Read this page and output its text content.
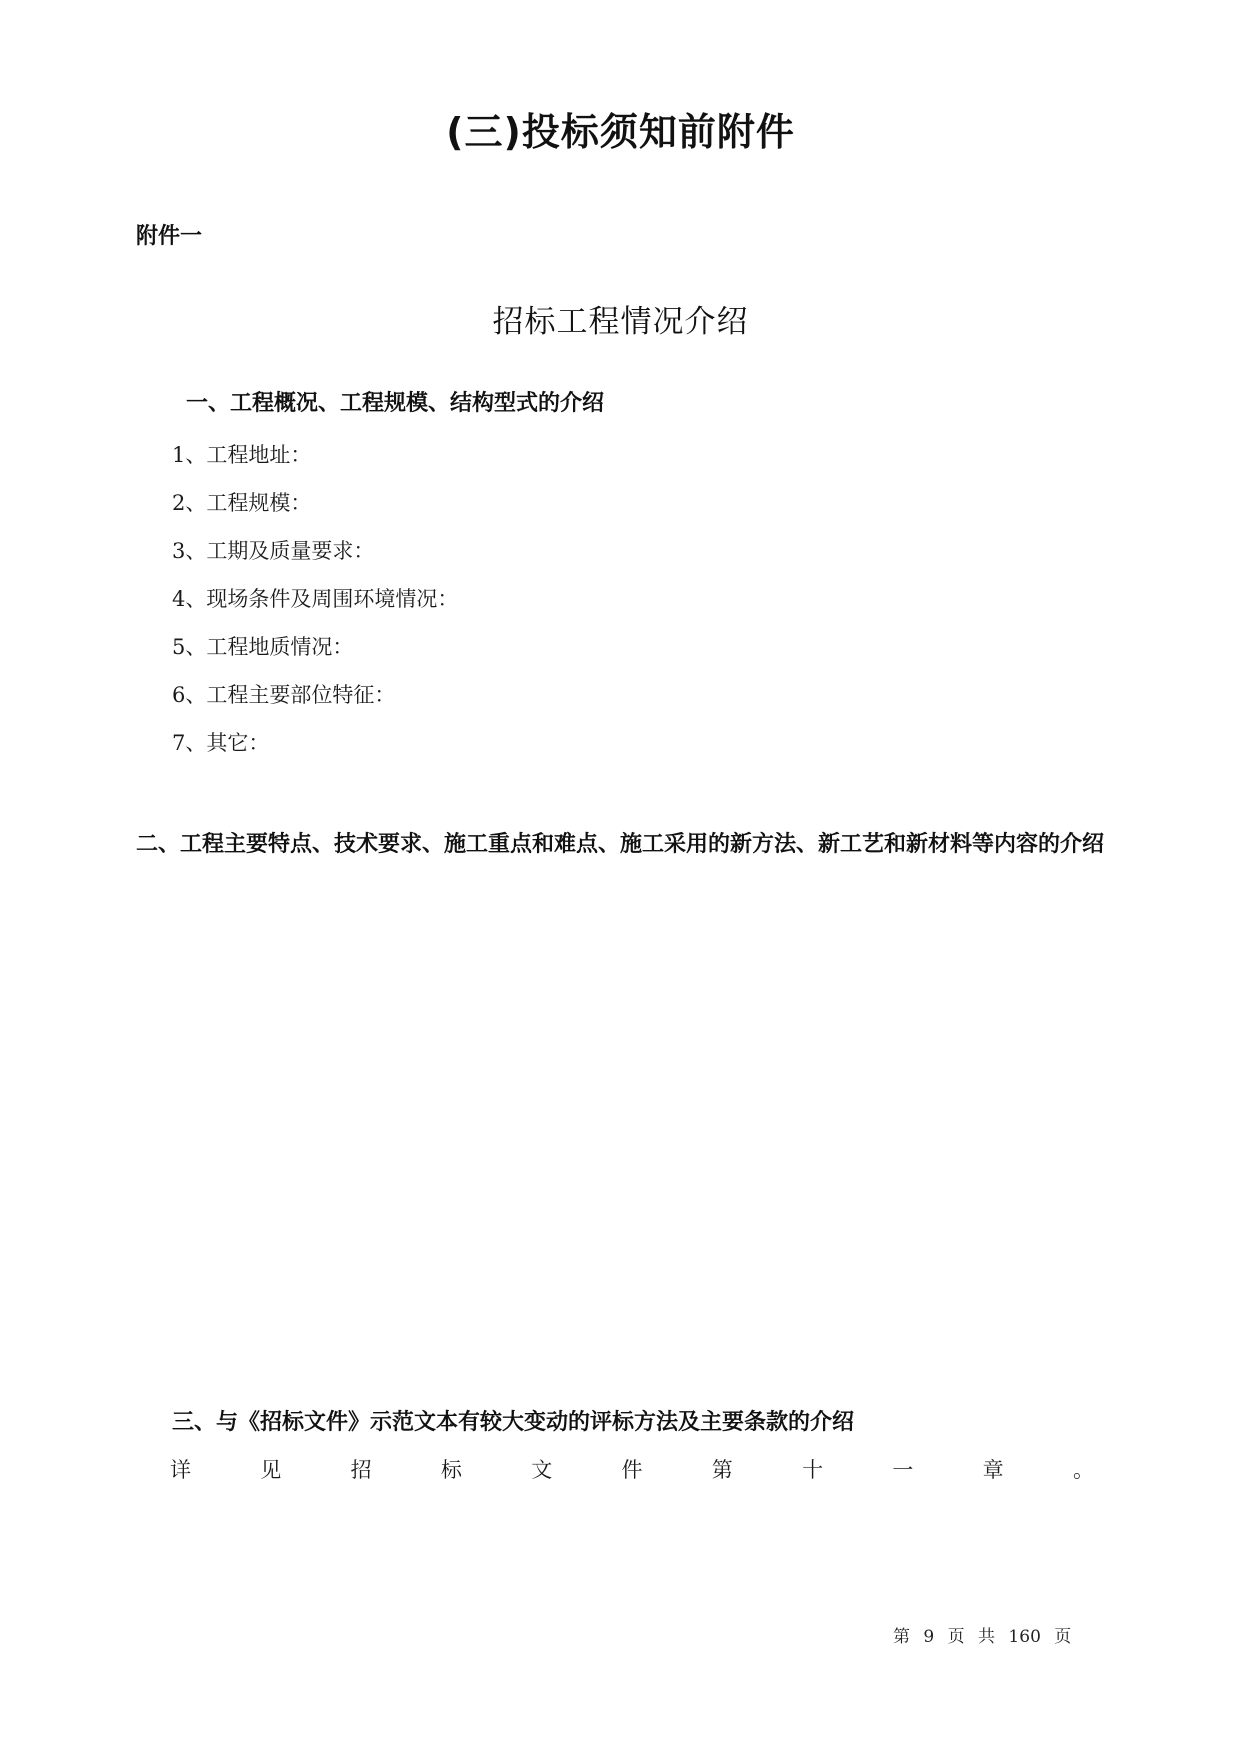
(三)投标须知前附件
附件一
招标工程情况介绍
一、工程概况、工程规模、结构型式的介绍
1、工程地址：
2、工程规模：
3、工期及质量要求：
4、现场条件及周围环境情况：
5、工程地质情况：
6、工程主要部位特征：
7、其它：
二、工程主要特点、技术要求、施工重点和难点、施工采用的新方法、新工艺和新材料等内容的介绍
三、与《招标文件》示范文本有较大变动的评标方法及主要条款的介绍
详	见	招	标	文	件	第	十	一	章	。
第 9 页 共 160 页
